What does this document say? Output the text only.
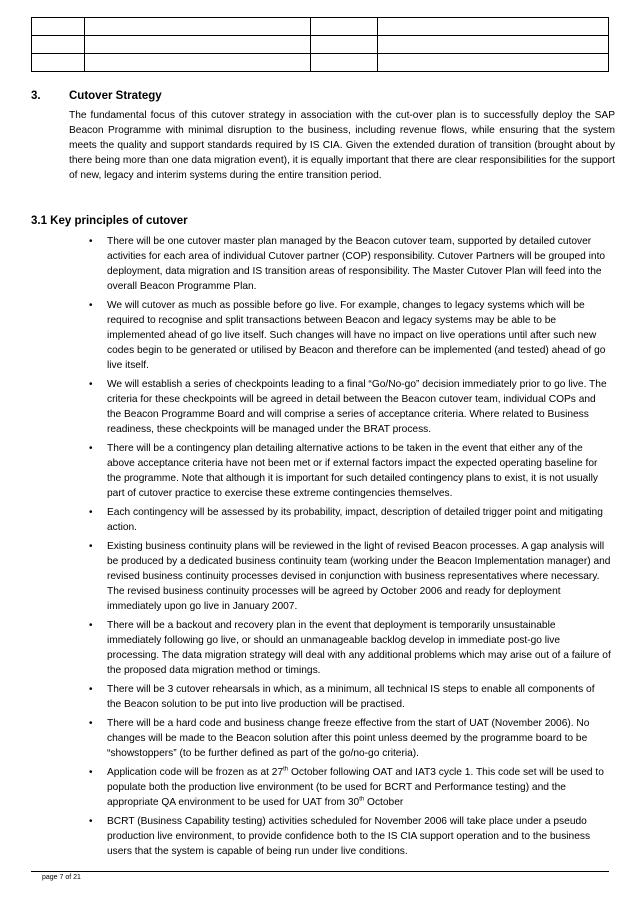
3. Cutover Strategy

The fundamental focus of this cutover strategy in association with the cut-over plan is to successfully deploy the SAP Beacon Programme with minimal disruption to the business, including revenue flows, while ensuring that the system meets the quality and support standards required by IS CIA. Given the extended duration of transition (brought about by there being more than one data migration event), it is equally important that there are clear responsibilities for the support of new, legacy and interim systems during the entire transition period.

3.1 Key principles of cutover
• There will be one cutover master plan managed by the Beacon cutover team, supported by detailed cutover activities for each area of individual Cutover partner (COP) responsibility. Cutover Partners will be grouped into deployment, data migration and IS transition areas of responsibility. The Master Cutover Plan will feed into the overall Beacon Programme Plan.
• We will cutover as much as possible before go live. For example, changes to legacy systems which will be required to recognise and split transactions between Beacon and legacy systems may be able to be implemented ahead of go live itself. Such changes will have no impact on live operations until after such new codes begin to be generated or utilised by Beacon and therefore can be implemented (and tested) ahead of go live itself.
• We will establish a series of checkpoints leading to a final “Go/No-go” decision immediately prior to go live. The criteria for these checkpoints will be agreed in detail between the Beacon cutover team, individual COPs and the Beacon Programme Board and will comprise a series of acceptance criteria. Where related to Business readiness, these checkpoints will be managed under the BRAT process.
• There will be a contingency plan detailing alternative actions to be taken in the event that either any of the above acceptance criteria have not been met or if external factors impact the expected operating baseline for the programme. Note that although it is important for such detailed contingency plans to exist, it is not usually part of cutover practice to exercise these extreme contingencies themselves.
• Each contingency will be assessed by its probability, impact, description of detailed trigger point and mitigating action.
• Existing business continuity plans will be reviewed in the light of revised Beacon processes. A gap analysis will be produced by a dedicated business continuity team (working under the Beacon Implementation manager) and revised business continuity processes devised in conjunction with business representatives where necessary. The revised business continuity processes will be agreed by October 2006 and ready for deployment immediately upon go live in January 2007.
• There will be a backout and recovery plan in the event that deployment is temporarily unsustainable immediately following go live, or should an unmanageable backlog develop in immediate post-go live processing. The data migration strategy will deal with any additional problems which may arise out of a failure of the proposed data migration method or timings.
• There will be 3 cutover rehearsals in which, as a minimum, all technical IS steps to enable all components of the Beacon solution to be put into live production will be practised.
• There will be a hard code and business change freeze effective from the start of UAT (November 2006). No changes will be made to the Beacon solution after this point unless deemed by the programme board to be “showstoppers” (to be further defined as part of the go/no-go criteria).
• Application code will be frozen as at 27th October following OAT and IAT3 cycle 1. This code set will be used to populate both the production live environment (to be used for BCRT and Performance testing) and the appropriate QA environment to be used for UAT from 30th October
• BCRT (Business Capability testing) activities scheduled for November 2006 will take place under a pseudo production live environment, to provide confidence both to the IS CIA support operation and to the business users that the system is capable of being run under live conditions.
page 7 of 21
